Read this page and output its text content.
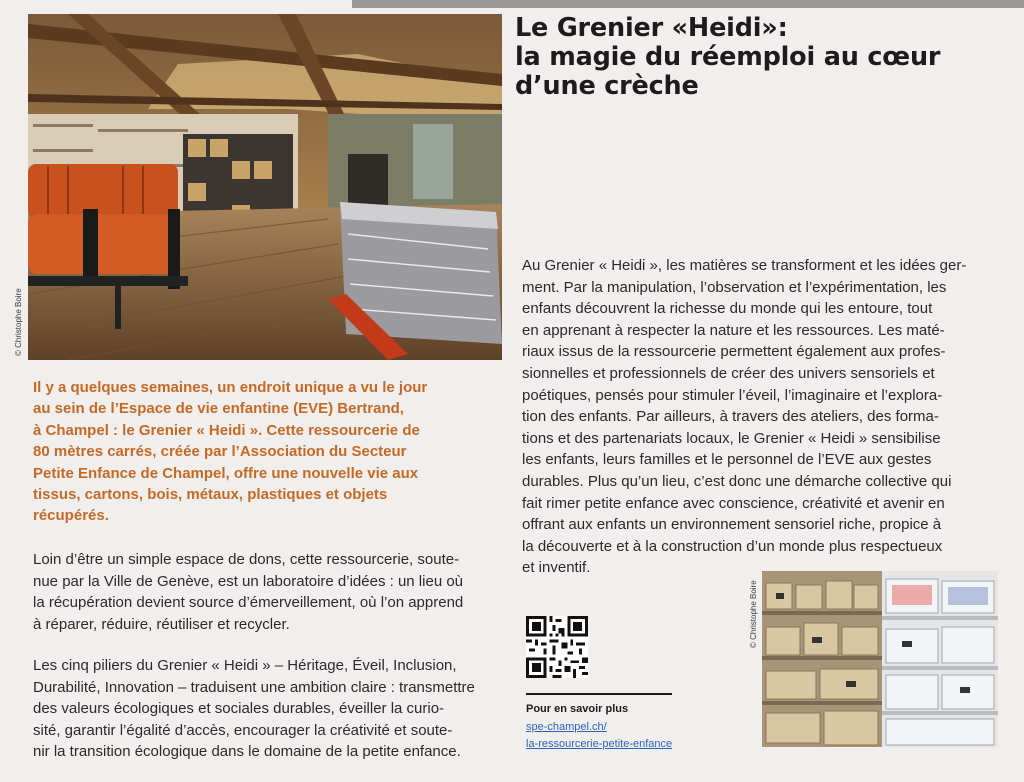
© Christophe Boire
Le Grenier «Heidi»:
la magie du réemploi au cœur
d’une crèche
Il y a quelques semaines, un endroit unique a vu le jour
au sein de l’Espace de vie enfantine (EVE) Bertrand,
à Champel : le Grenier « Heidi ». Cette ressourcerie de
80 mètres carrés, créée par l’Association du Secteur
Petite Enfance de Champel, offre une nouvelle vie aux
tissus, cartons, bois, métaux, plastiques et objets
récupérés.
Loin d’être un simple espace de dons, cette ressourcerie, soute-
nue par la Ville de Genève, est un laboratoire d’idées : un lieu où
la récupération devient source d’émerveillement, où l’on apprend
à réparer, réduire, réutiliser et recycler.
Les cinq piliers du Grenier « Heidi » – Héritage, Éveil, Inclusion,
Durabilité, Innovation – traduisent une ambition claire : transmettre
des valeurs écologiques et sociales durables, éveiller la curio-
sité, garantir l’égalité d’accès, encourager la créativité et soute-
nir la transition écologique dans le domaine de la petite enfance.
Au Grenier « Heidi », les matières se transforment et les idées ger-
ment. Par la manipulation, l’observation et l’expérimentation, les
enfants découvrent la richesse du monde qui les entoure, tout
en apprenant à respecter la nature et les ressources. Les maté-
riaux issus de la ressourcerie permettent également aux profes-
sionnelles et professionnels de créer des univers sensoriels et
poétiques, pensés pour stimuler l’éveil, l’imaginaire et l’explora-
tion des enfants. Par ailleurs, à travers des ateliers, des forma-
tions et des partenariats locaux, le Grenier « Heidi » sensibilise
les enfants, leurs familles et le personnel de l’EVE aux gestes
durables. Plus qu’un lieu, c’est donc une démarche collective qui
fait rimer petite enfance avec conscience, créativité et avenir en
offrant aux enfants un environnement sensoriel riche, propice à
la découverte et à la construction d’un monde plus respectueux
et inventif.
Pour en savoir plus
spe-champel.ch/
la-ressourcerie-petite-enfance
© Christophe Boire
